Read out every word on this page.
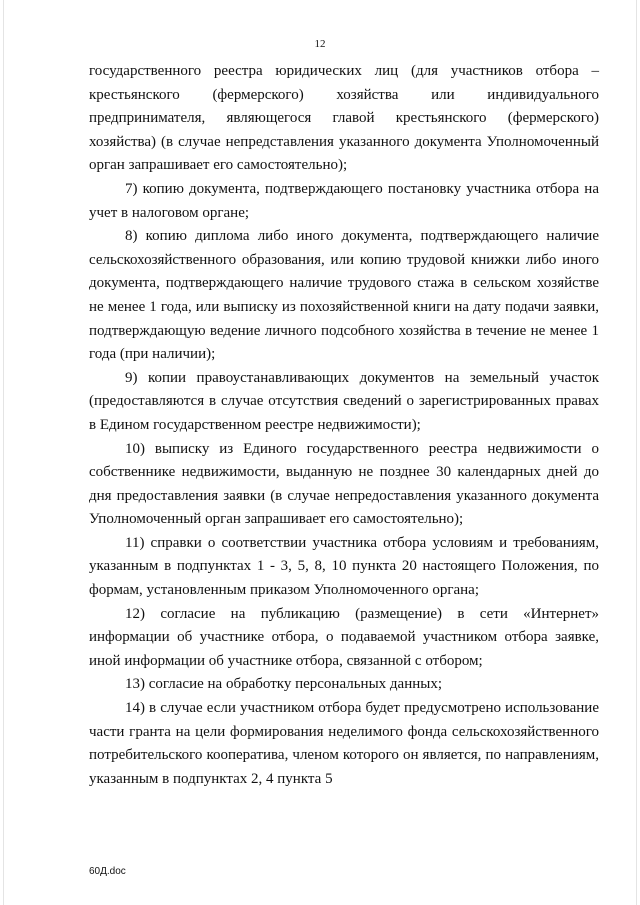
12

государственного реестра юридических лиц (для участников отбора – крестьянского (фермерского) хозяйства или индивидуального предпринимателя, являющегося главой крестьянского (фермерского) хозяйства) (в случае непредставления указанного документа Уполномоченный орган запрашивает его самостоятельно);

7) копию документа, подтверждающего постановку участника отбора на учет в налоговом органе;

8) копию диплома либо иного документа, подтверждающего наличие сельскохозяйственного образования, или копию трудовой книжки либо иного документа, подтверждающего наличие трудового стажа в сельском хозяйстве не менее 1 года, или выписку из похозяйственной книги на дату подачи заявки, подтверждающую ведение личного подсобного хозяйства в течение не менее 1 года (при наличии);

9) копии правоустанавливающих документов на земельный участок (предоставляются в случае отсутствия сведений о зарегистрированных правах в Едином государственном реестре недвижимости);

10) выписку из Единого государственного реестра недвижимости о собственнике недвижимости, выданную не позднее 30 календарных дней до дня предоставления заявки (в случае непредоставления указанного документа Уполномоченный орган запрашивает его самостоятельно);

11) справки о соответствии участника отбора условиям и требованиям, указанным в подпунктах 1 - 3, 5, 8, 10 пункта 20 настоящего Положения, по формам, установленным приказом Уполномоченного органа;

12) согласие на публикацию (размещение) в сети «Интернет» информации об участнике отбора, о подаваемой участником отбора заявке, иной информации об участнике отбора, связанной с отбором;

13) согласие на обработку персональных данных;

14) в случае если участником отбора будет предусмотрено использование части гранта на цели формирования неделимого фонда сельскохозяйственного потребительского кооператива, членом которого он является, по направлениям, указанным в подпунктах 2, 4 пункта 5

60Д.doc
